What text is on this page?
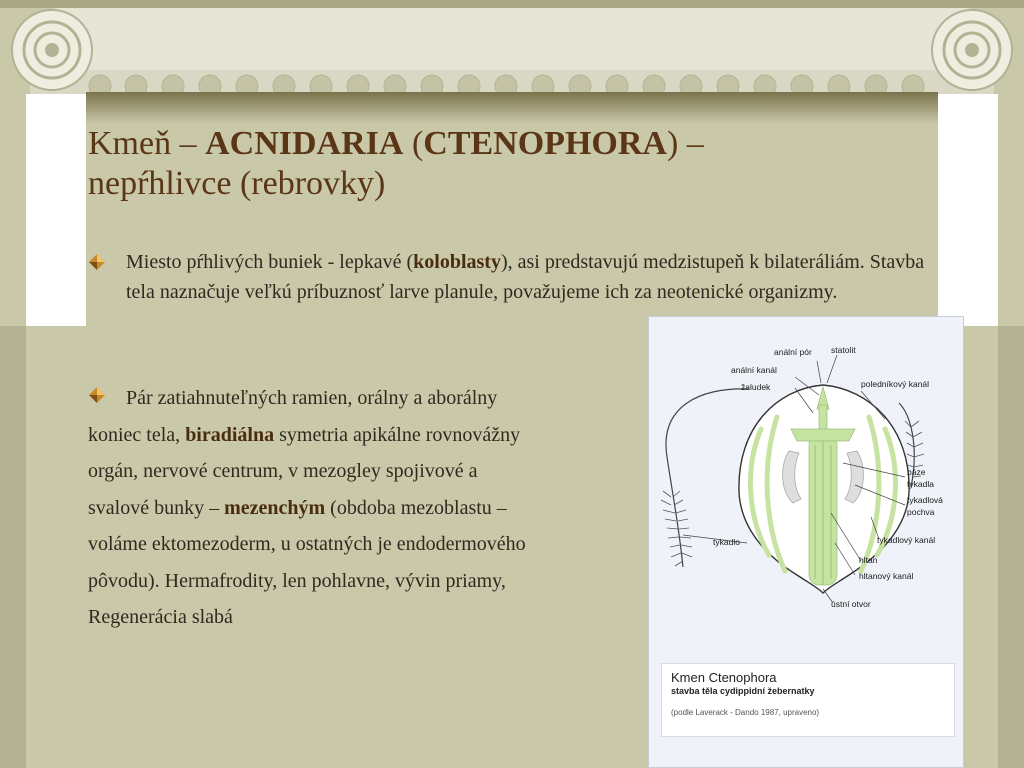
Kmeň – ACNIDARIA (CTENOPHORA) –
nepŕhlivce (rebrovky)
Miesto pŕhlivých buniek - lepkavé (koloblasty), asi predstavujú medzistupeň k bilateráliám. Stavba tela naznačuje veľkú príbuznosť larve planule, považujeme ich za neotenické organizmy.

Pár zatiahnuteľných ramien, orálny a aborálny

koniec tela, biradiálna symetria apikálne rovnovážny

orgán, nervové centrum, v mezogley spojivové a

svalové bunky – mezenchým (obdoba mezoblastu –

voláme ektomezoderm, u ostatných je endodermového

pôvodu). Hermafrodity, len pohlavne, vývin priamy,

Regenerácia slabá

anální pór statolit
anální kanál
žaludek	poledníkový kanál
báze
tykadla
tykadlová
pochva
tykadlo	tykadlový kanál
hltan
hltanový kanál
ústní otvor
Kmen Ctenophora
stavba těla cydippidní žebernatky
(podle Laverack - Dando 1987, upraveno)
